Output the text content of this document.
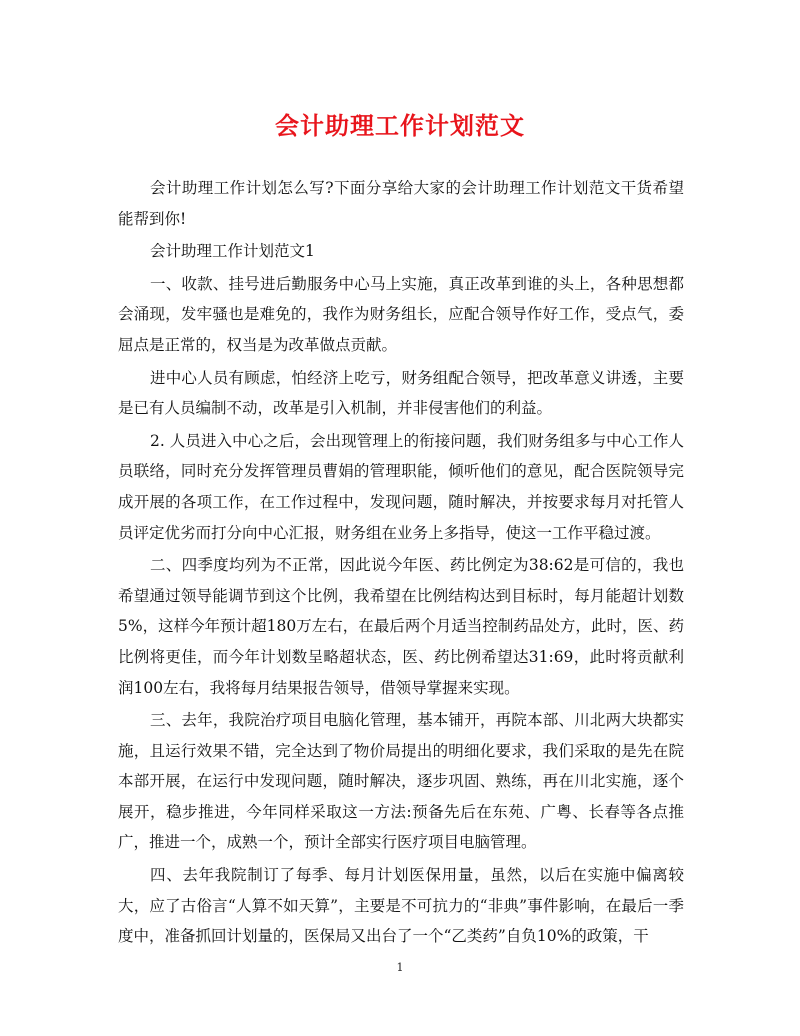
会计助理工作计划范文

会计助理工作计划怎么写?下面分享给大家的会计助理工作计划范文干货希望能帮到你!

会计助理工作计划范文1

一、收款、挂号进后勤服务中心马上实施，真正改革到谁的头上，各种思想都会涌现，发牢骚也是难免的，我作为财务组长，应配合领导作好工作，受点气，委屈点是正常的，权当是为改革做点贡献。

进中心人员有顾虑，怕经济上吃亏，财务组配合领导，把改革意义讲透，主要是已有人员编制不动，改革是引入机制，并非侵害他们的利益。

2. 人员进入中心之后，会出现管理上的衔接问题，我们财务组多与中心工作人员联络，同时充分发挥管理员曹娟的管理职能，倾听他们的意见，配合医院领导完成开展的各项工作，在工作过程中，发现问题，随时解决，并按要求每月对托管人员评定优劣而打分向中心汇报，财务组在业务上多指导，使这一工作平稳过渡。

二、四季度均列为不正常，因此说今年医、药比例定为38:62是可信的，我也希望通过领导能调节到这个比例，我希望在比例结构达到目标时，每月能超计划数5%，这样今年预计超180万左右，在最后两个月适当控制药品处方，此时，医、药比例将更佳，而今年计划数呈略超状态，医、药比例希望达31:69，此时将贡献利润100左右，我将每月结果报告领导，借领导掌握来实现。

三、去年，我院治疗项目电脑化管理，基本铺开，再院本部、川北两大块都实施，且运行效果不错，完全达到了物价局提出的明细化要求，我们采取的是先在院本部开展，在运行中发现问题，随时解决，逐步巩固、熟练，再在川北实施，逐个展开，稳步推进，今年同样采取这一方法:预备先后在东苑、广粤、长春等各点推广，推进一个，成熟一个，预计全部实行医疗项目电脑管理。

四、去年我院制订了每季、每月计划医保用量，虽然，以后在实施中偏离较大，应了古俗言“人算不如天算”，主要是不可抗力的“非典”事件影响，在最后一季度中，准备抓回计划量的，医保局又出台了一个“乙类药”自负10%的政策，干

1
